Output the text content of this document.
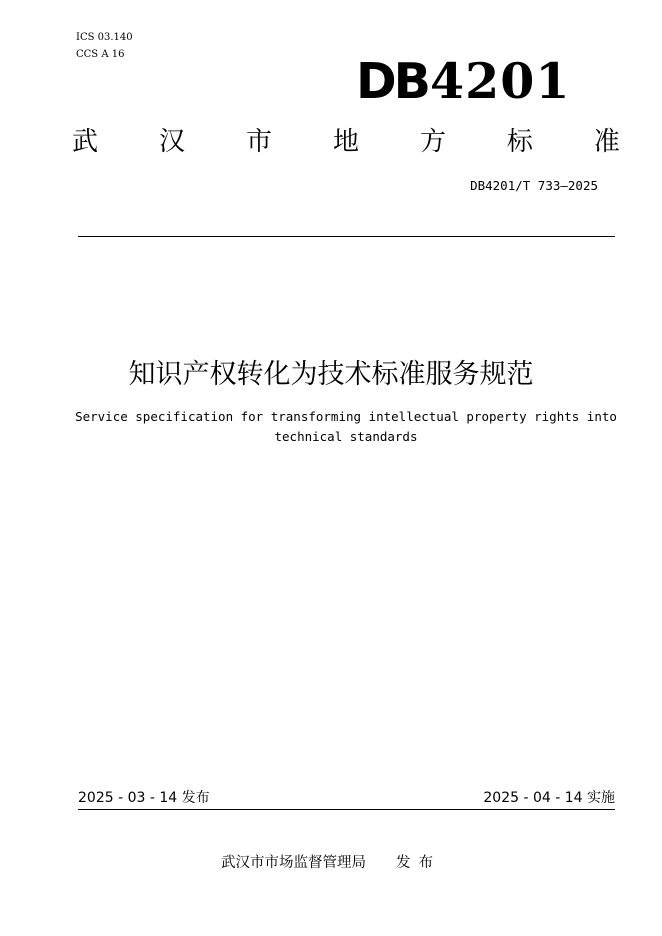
ICS 03.140
CCS A 16	DB4201
武 汉 市 地 方 标 准
DB4201/T 733—2025
知识产权转化为技术标准服务规范
Service specification for transforming intellectual property rights into technical standards
2025 - 03 - 14 发布	2025 - 04 - 14 实施
武汉市市场监督管理局 发布
